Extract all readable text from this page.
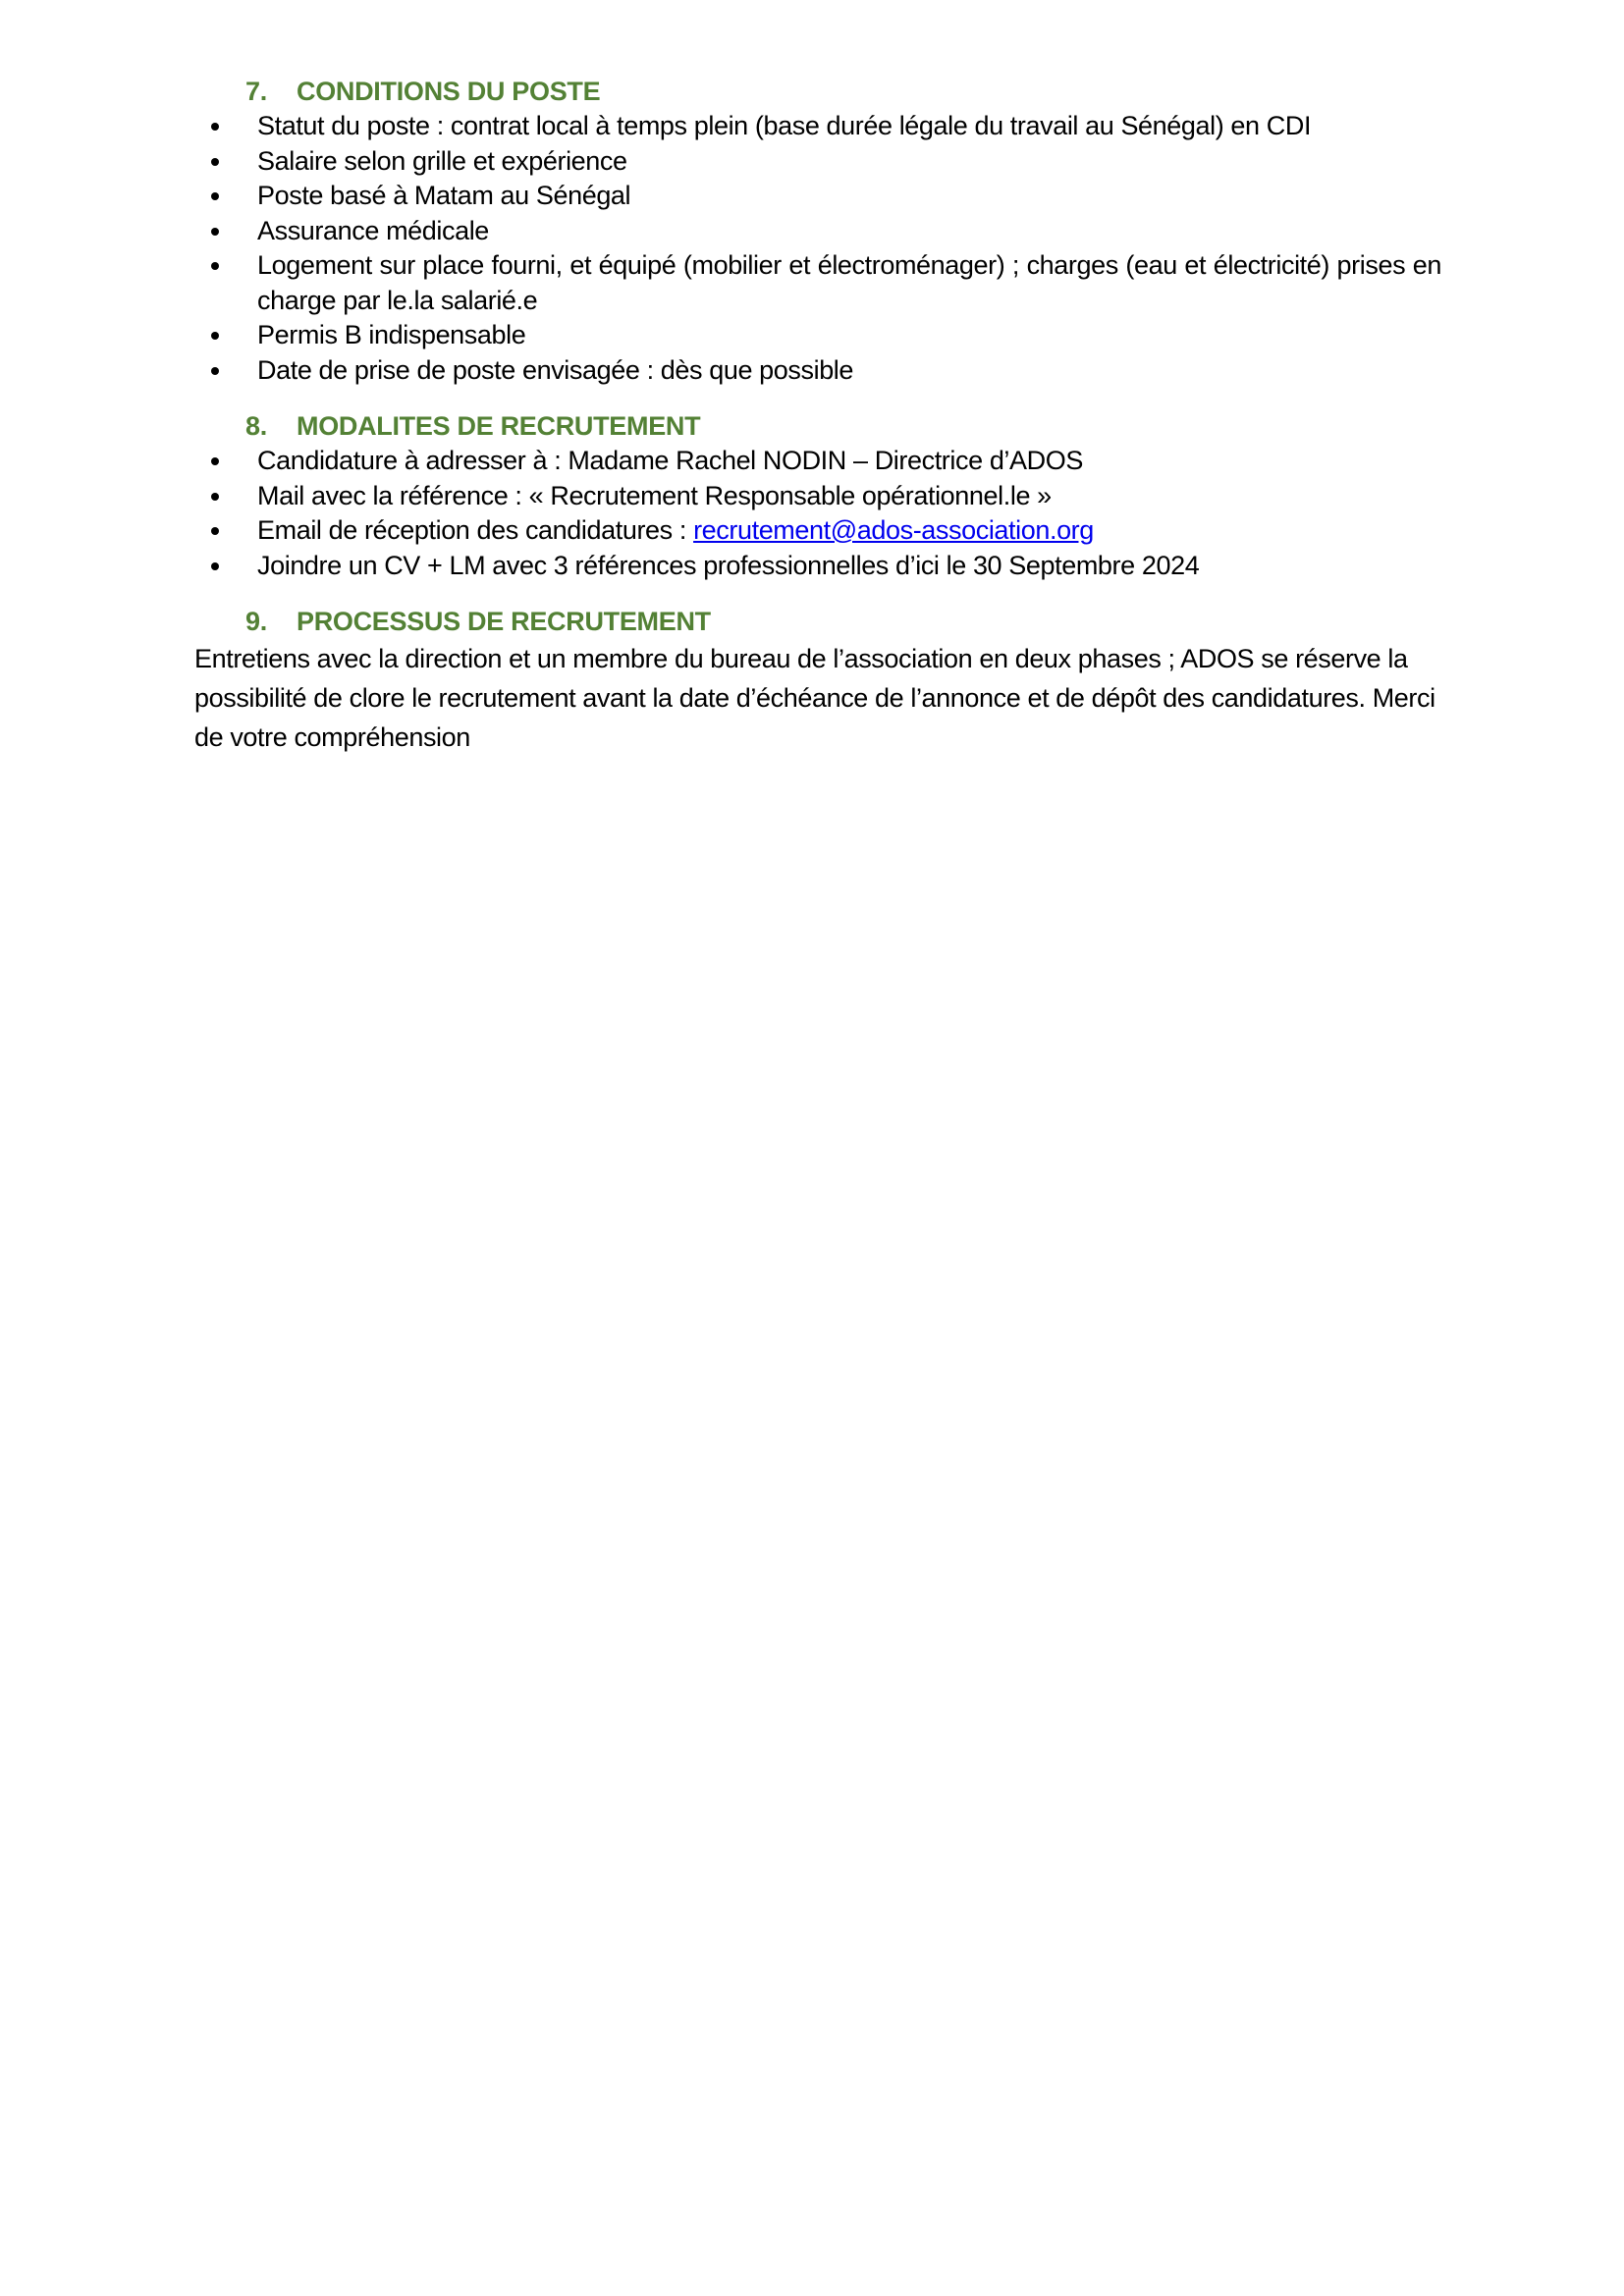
7.	CONDITIONS DU POSTE
Statut du poste : contrat local à temps plein (base durée légale du travail au Sénégal) en CDI
Salaire selon grille et expérience
Poste basé à Matam au Sénégal
Assurance médicale
Logement sur place fourni, et équipé (mobilier et électroménager) ; charges (eau et électricité) prises en charge par le.la salarié.e
Permis B indispensable
Date de prise de poste envisagée : dès que possible
8.	MODALITES DE RECRUTEMENT
Candidature à adresser à : Madame Rachel NODIN – Directrice d’ADOS
Mail avec la référence : « Recrutement Responsable opérationnel.le »
Email de réception des candidatures : recrutement@ados-association.org
Joindre un CV + LM avec 3 références professionnelles d’ici le 30 Septembre 2024
9.	PROCESSUS DE RECRUTEMENT

Entretiens avec la direction et un membre du bureau de l’association en deux phases ; ADOS se réserve la possibilité de clore le recrutement avant la date d’échéance de l’annonce et de dépôt des candidatures. Merci de votre compréhension
